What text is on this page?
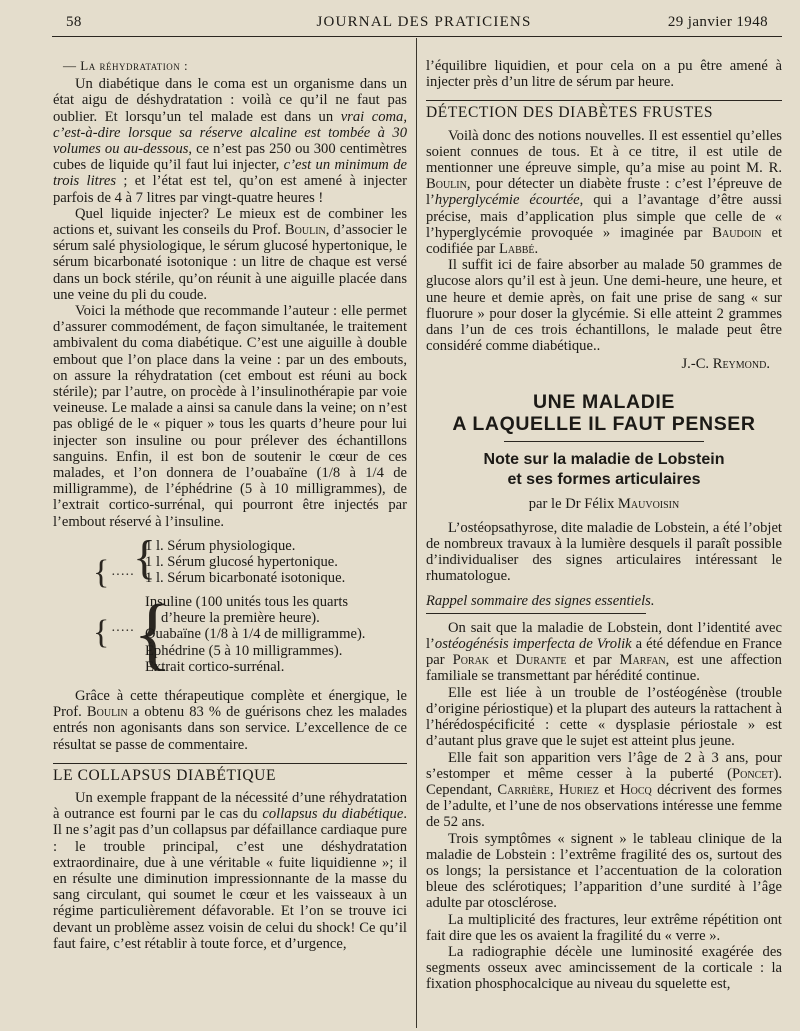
58	JOURNAL DES PRATICIENS	29 janvier 1948

— La réhydratation :

Un diabétique dans le coma est un organisme dans un état aigu de déshydratation : voilà ce qu’il ne faut pas oublier. Et lorsqu’un tel malade est dans un vrai coma, c’est-à-dire lorsque sa réserve alcaline est tombée à 30 volumes ou au-dessous, ce n’est pas 250 ou 300 centimètres cubes de liquide qu’il faut lui injecter, c’est un minimum de trois litres ; et l’état est tel, qu’on est amené à injecter parfois de 4 à 7 litres par vingt-quatre heures !

Quel liquide injecter? Le mieux est de combiner les actions et, suivant les conseils du Prof. Boulin, d’associer le sérum salé physiologique, le sérum glucosé hypertonique, le sérum bicarbonaté isotonique : un litre de chaque est versé dans un bock stérile, qu’on réunit à une aiguille placée dans une veine du pli du coude.

Voici la méthode que recommande l’auteur : elle permet d’assurer commodément, de façon simultanée, le traitement ambivalent du coma diabétique. C’est une aiguille à double embout que l’on place dans la veine : par un des embouts, on assure la réhydratation (cet embout est réuni au bock stérile); par l’autre, on procède à l’insulinothérapie par voie veineuse. Le malade a ainsi sa canule dans la veine; on n’est pas obligé de le « piquer » tous les quarts d’heure pour lui injecter son insuline ou pour prélever des échantillons sanguins. Enfin, il est bon de soutenir le cœur de ces malades, et l’on donnera de l’ouabaïne (1/8 à 1/4 de milligramme), de l’éphédrine (5 à 10 milligrammes), de l’extrait cortico-surrénal, qui pourront être injectés par l’embout réservé à l’insuline.

{ ·····
{ ·····
{
{
1 l. Sérum physiologique.
1 l. Sérum glucosé hypertonique.
1 l. Sérum bicarbonaté isotonique.
Insuline (100 unités tous les quarts
d’heure la première heure).
Ouabaïne (1/8 à 1/4 de milligramme).
Éphédrine (5 à 10 milligrammes).
Extrait cortico-surrénal.

Grâce à cette thérapeutique complète et énergique, le Prof. Boulin a obtenu 83 % de guérisons chez les malades entrés non agonisants dans son service. L’excellence de ce résultat se passe de commentaire.

LE COLLAPSUS DIABÉTIQUE

Un exemple frappant de la nécessité d’une réhydratation à outrance est fourni par le cas du collapsus du diabétique. Il ne s’agit pas d’un collapsus par défaillance cardiaque pure : le trouble principal, c’est une déshydratation extraordinaire, due à une véritable « fuite liquidienne »; il en résulte une diminution impressionnante de la masse du sang circulant, qui soumet le cœur et les vaisseaux à un régime particulièrement défavorable. Et l’on se trouve ici devant un problème assez voisin de celui du shock! Ce qu’il faut faire, c’est rétablir à toute force, et d’urgence,

l’équilibre liquidien, et pour cela on a pu être amené à injecter près d’un litre de sérum par heure.

DÉTECTION DES DIABÈTES FRUSTES

Voilà donc des notions nouvelles. Il est essentiel qu’elles soient connues de tous. Et à ce titre, il est utile de mentionner une épreuve simple, qu’a mise au point M. R. Boulin, pour détecter un diabète fruste : c’est l’épreuve de l’hyperglycémie écourtée, qui a l’avantage d’être aussi précise, mais d’application plus simple que celle de « l’hyperglycémie provoquée » imaginée par Baudoin et codifiée par Labbé.

Il suffit ici de faire absorber au malade 50 grammes de glucose alors qu’il est à jeun. Une demi-heure, une heure, et une heure et demie après, on fait une prise de sang « sur fluorure » pour doser la glycémie. Si elle atteint 2 grammes dans l’un de ces trois échantillons, le malade peut être considéré comme diabétique..

J.-C. Reymond.

UNE MALADIE
A LAQUELLE IL FAUT PENSER
Note sur la maladie de Lobstein
et ses formes articulaires

par le Dr Félix Mauvoisin

L’ostéopsathyrose, dite maladie de Lobstein, a été l’objet de nombreux travaux à la lumière desquels il paraît possible d’individualiser des signes articulaires intéressant le rhumatologue.

Rappel sommaire des signes essentiels.

On sait que la maladie de Lobstein, dont l’identité avec l’ostéogénésis imperfecta de Vrolik a été défendue en France par Porak et Durante et par Marfan, est une affection familiale se transmettant par hérédité continue.

Elle est liée à un trouble de l’ostéogénèse (trouble d’origine périostique) et la plupart des auteurs la rattachent à l’hérédospécificité : cette « dysplasie périostale » est d’autant plus grave que le sujet est atteint plus jeune.

Elle fait son apparition vers l’âge de 2 à 3 ans, pour s’estomper et même cesser à la puberté (Poncet). Cependant, Carrière, Huriez et Hocq décrivent des formes de l’adulte, et l’une de nos observations intéresse une femme de 52 ans.

Trois symptômes « signent » le tableau clinique de la maladie de Lobstein : l’extrême fragilité des os, surtout des os longs; la persistance et l’accentuation de la coloration bleue des sclérotiques; l’apparition d’une surdité à l’âge adulte par otosclérose.

La multiplicité des fractures, leur extrême répétition ont fait dire que les os avaient la fragilité du « verre ».

La radiographie décèle une luminosité exagérée des segments osseux avec amincissement de la corticale : la fixation phosphocalcique au niveau du squelette est,
